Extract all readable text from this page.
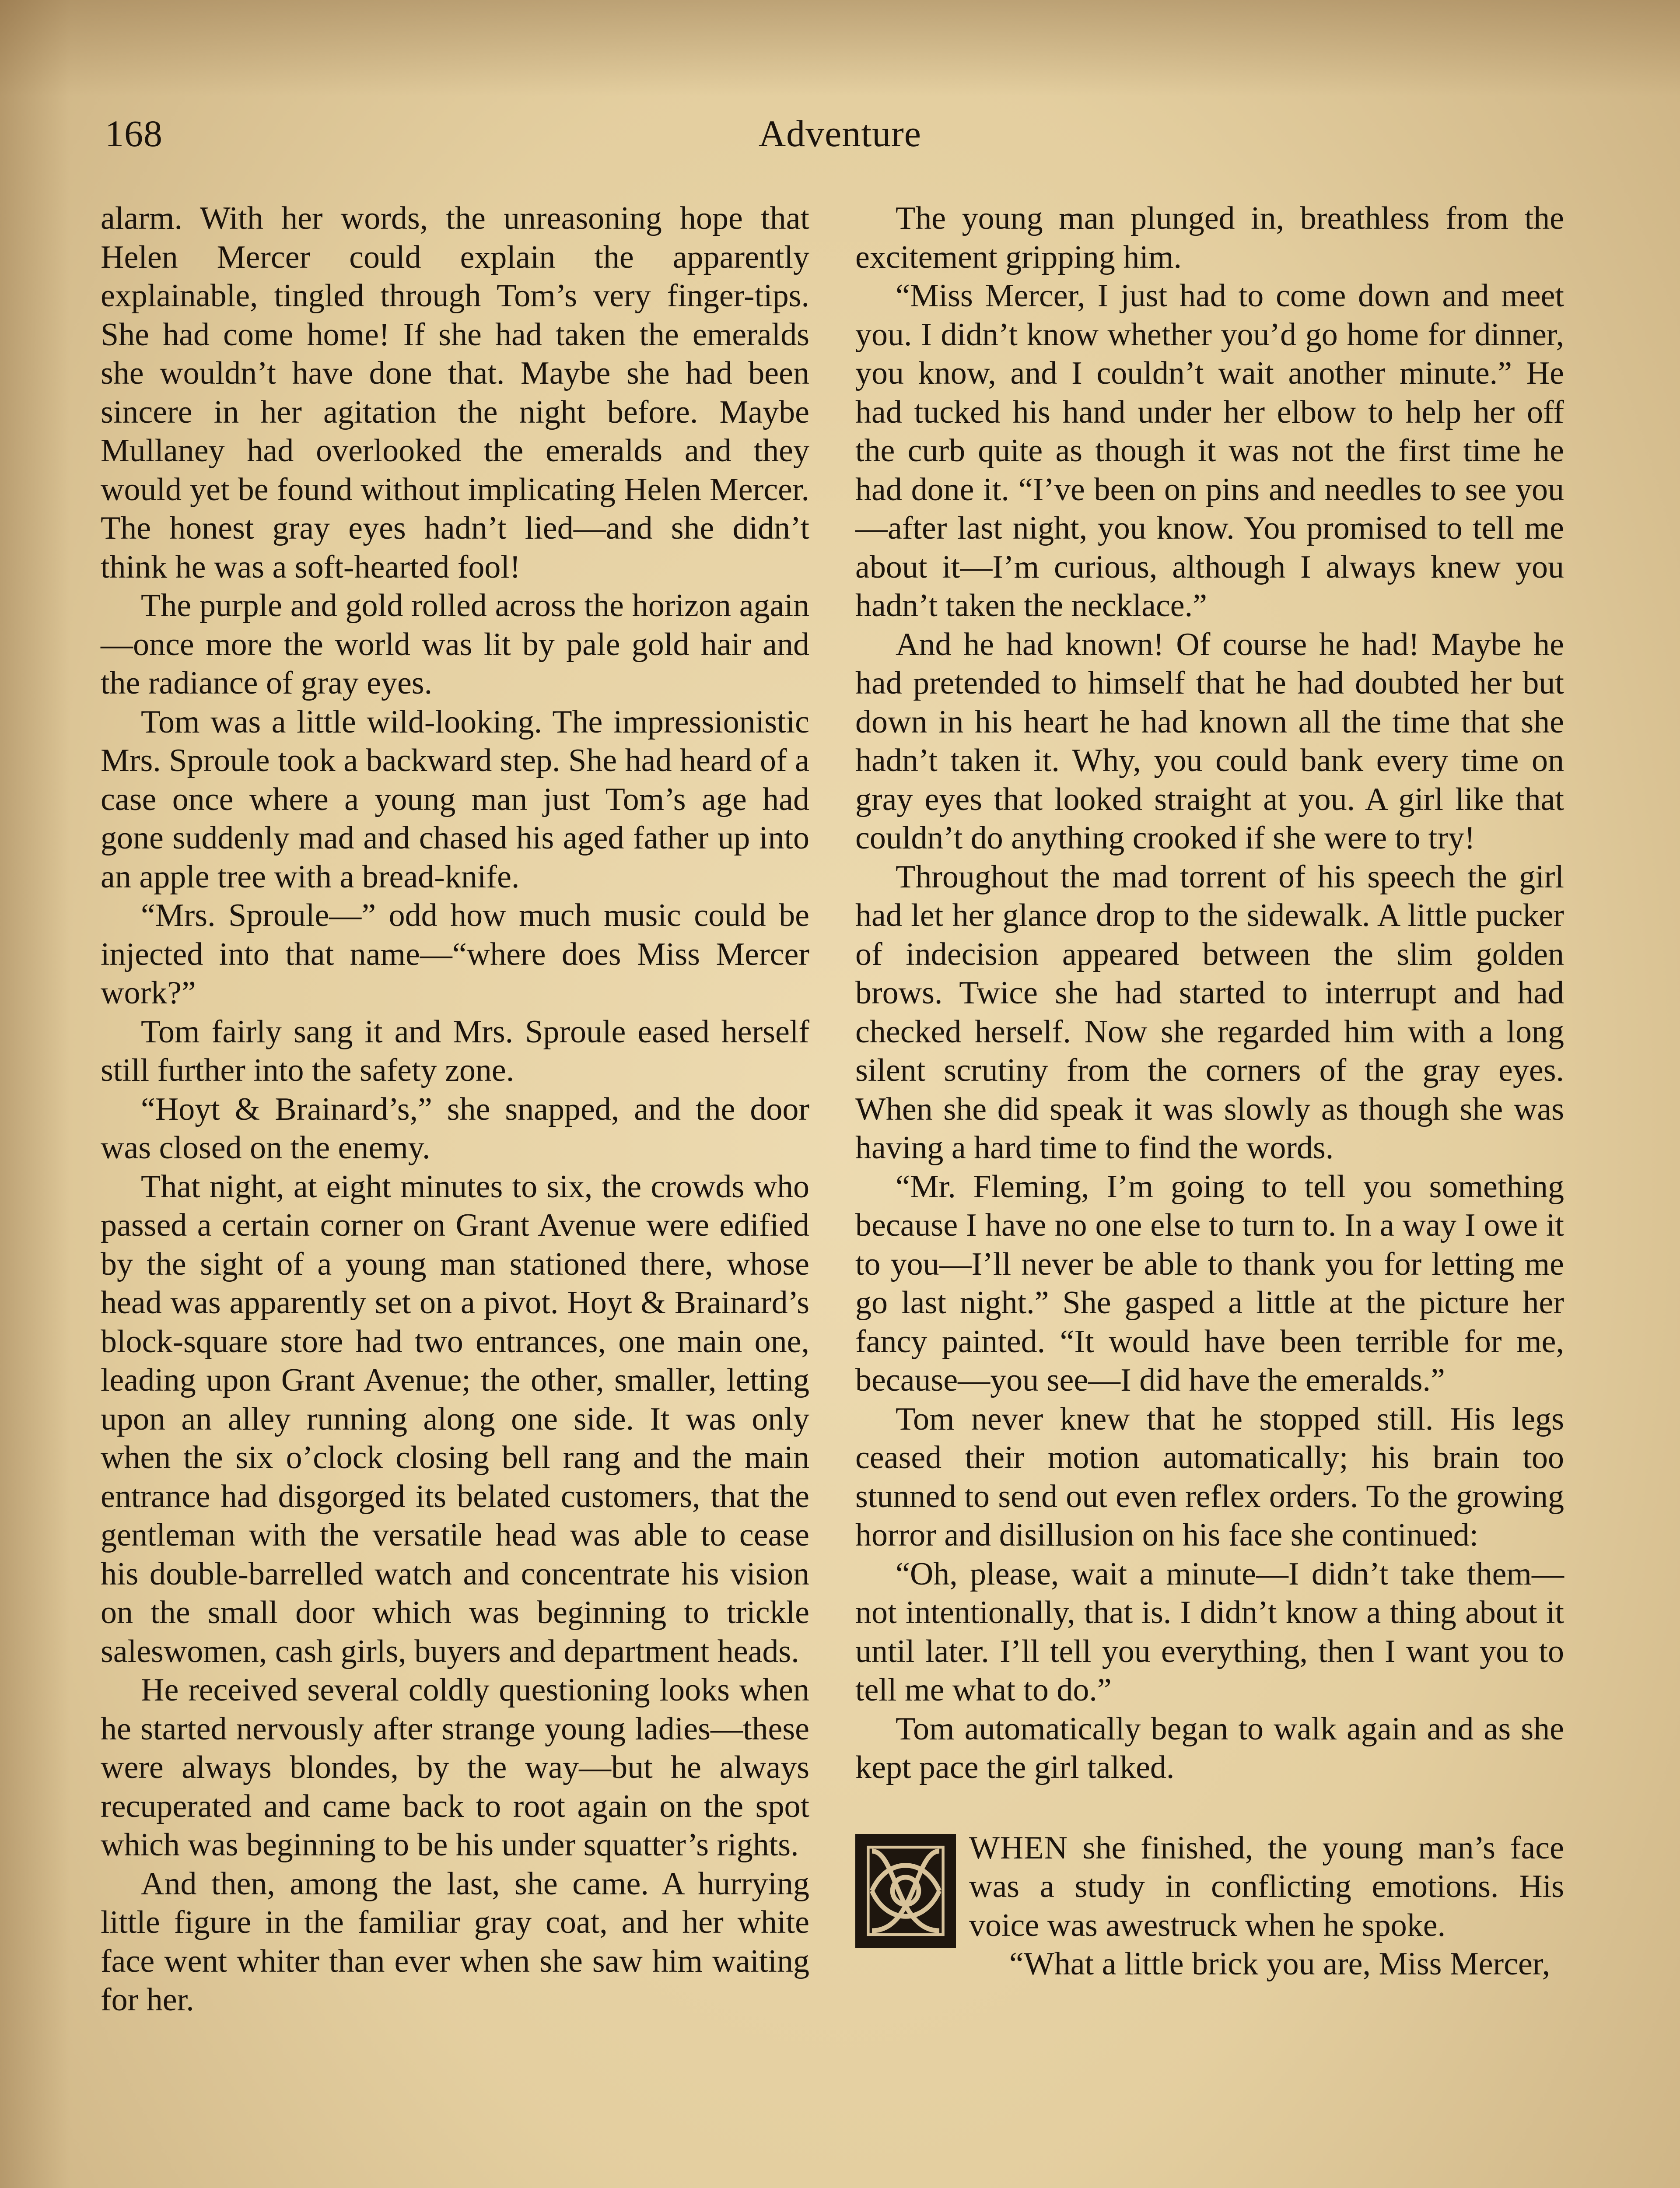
168	Adventure

alarm. With her words, the unreasoning hope that Helen Mercer could explain the apparently explainable, tingled through Tom’s very finger-tips. She had come home! If she had taken the emeralds she wouldn’t have done that. Maybe she had been sincere in her agitation the night before. Maybe Mullaney had overlooked the emeralds and they would yet be found without implicating Helen Mercer. The honest gray eyes hadn’t lied—and she didn’t think he was a soft-hearted fool!

The purple and gold rolled across the horizon again—once more the world was lit by pale gold hair and the radiance of gray eyes.

Tom was a little wild-looking. The impressionistic Mrs. Sproule took a backward step. She had heard of a case once where a young man just Tom’s age had gone suddenly mad and chased his aged father up into an apple tree with a bread-knife.

“Mrs. Sproule—” odd how much music could be injected into that name—“where does Miss Mercer work?”

Tom fairly sang it and Mrs. Sproule eased herself still further into the safety zone.

“Hoyt & Brainard’s,” she snapped, and the door was closed on the enemy.

That night, at eight minutes to six, the crowds who passed a certain corner on Grant Avenue were edified by the sight of a young man stationed there, whose head was apparently set on a pivot. Hoyt & Brainard’s block-square store had two entrances, one main one, leading upon Grant Avenue; the other, smaller, letting upon an alley running along one side. It was only when the six o’clock closing bell rang and the main entrance had disgorged its belated customers, that the gentleman with the versatile head was able to cease his double-barrelled watch and concentrate his vision on the small door which was beginning to trickle saleswomen, cash girls, buyers and department heads.

He received several coldly questioning looks when he started nervously after strange young ladies—these were always blondes, by the way—but he always recuperated and came back to root again on the spot which was beginning to be his under squatter’s rights.

And then, among the last, she came. A hurrying little figure in the familiar gray coat, and her white face went whiter than ever when she saw him waiting for her.

The young man plunged in, breathless from the excitement gripping him.

“Miss Mercer, I just had to come down and meet you. I didn’t know whether you’d go home for dinner, you know, and I couldn’t wait another minute.” He had tucked his hand under her elbow to help her off the curb quite as though it was not the first time he had done it. “I’ve been on pins and needles to see you—after last night, you know. You promised to tell me about it—I’m curious, although I always knew you hadn’t taken the necklace.”

And he had known! Of course he had! Maybe he had pretended to himself that he had doubted her but down in his heart he had known all the time that she hadn’t taken it. Why, you could bank every time on gray eyes that looked straight at you. A girl like that couldn’t do anything crooked if she were to try!

Throughout the mad torrent of his speech the girl had let her glance drop to the sidewalk. A little pucker of indecision appeared between the slim golden brows. Twice she had started to interrupt and had checked herself. Now she regarded him with a long silent scrutiny from the corners of the gray eyes. When she did speak it was slowly as though she was having a hard time to find the words.

“Mr. Fleming, I’m going to tell you something because I have no one else to turn to. In a way I owe it to you—I’ll never be able to thank you for letting me go last night.” She gasped a little at the picture her fancy painted. “It would have been terrible for me, because—you see—I did have the emeralds.”

Tom never knew that he stopped still. His legs ceased their motion automatically; his brain too stunned to send out even reflex orders. To the growing horror and disillusion on his face she continued:

“Oh, please, wait a minute—I didn’t take them—not intentionally, that is. I didn’t know a thing about it until later. I’ll tell you everything, then I want you to tell me what to do.”

Tom automatically began to walk again and as she kept pace the girl talked.

WHEN she finished, the young man’s face was a study in conflicting emotions. His voice was awestruck when he spoke.

“What a little brick you are, Miss Mercer,
